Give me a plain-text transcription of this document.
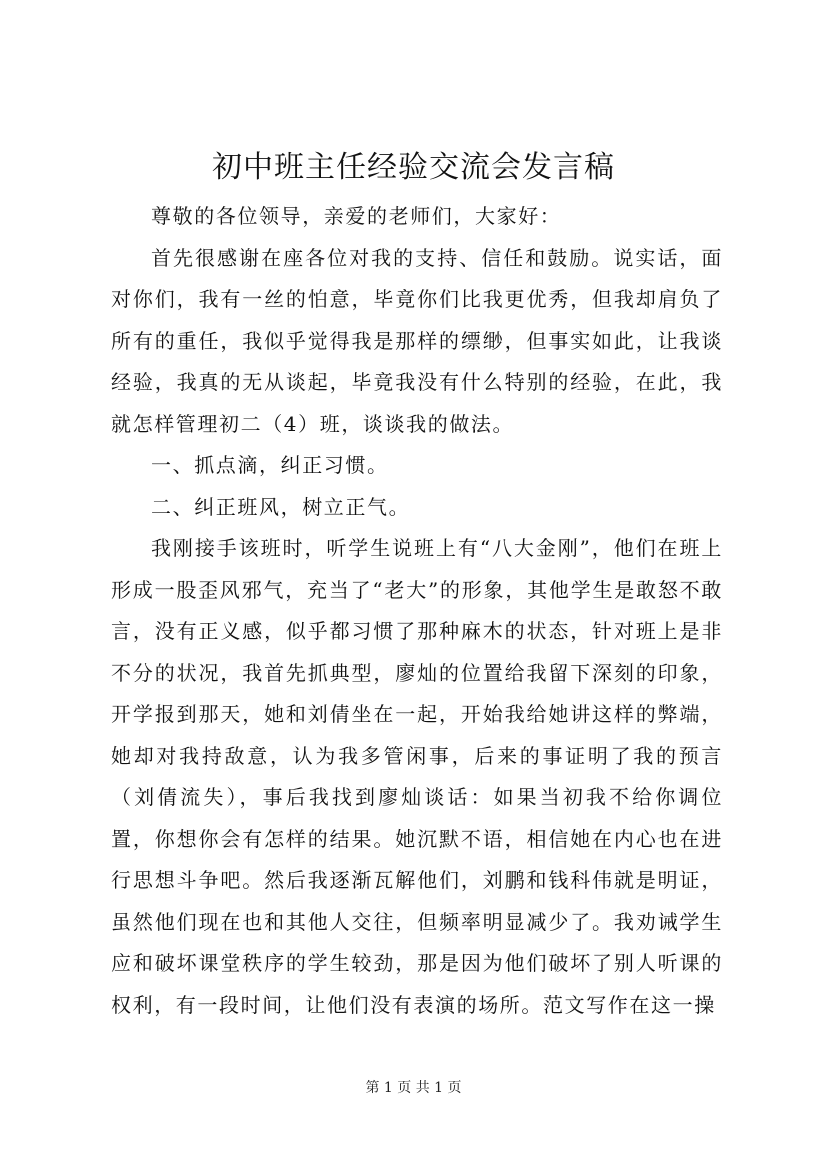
初中班主任经验交流会发言稿

尊敬的各位领导，亲爱的老师们，大家好：

首先很感谢在座各位对我的支持、信任和鼓励。说实话，面对你们，我有一丝的怕意，毕竟你们比我更优秀，但我却肩负了所有的重任，我似乎觉得我是那样的缥缈，但事实如此，让我谈经验，我真的无从谈起，毕竟我没有什么特别的经验，在此，我就怎样管理初二（4）班，谈谈我的做法。

一、抓点滴，纠正习惯。

二、纠正班风，树立正气。

我刚接手该班时，听学生说班上有“八大金刚”，他们在班上形成一股歪风邪气，充当了“老大”的形象，其他学生是敢怒不敢言，没有正义感，似乎都习惯了那种麻木的状态，针对班上是非不分的状况，我首先抓典型，廖灿的位置给我留下深刻的印象，开学报到那天，她和刘倩坐在一起，开始我给她讲这样的弊端，她却对我持敌意，认为我多管闲事，后来的事证明了我的预言（刘倩流失），事后我找到廖灿谈话：如果当初我不给你调位置，你想你会有怎样的结果。她沉默不语，相信她在内心也在进行思想斗争吧。然后我逐渐瓦解他们，刘鹏和钱科伟就是明证，虽然他们现在也和其他人交往，但频率明显减少了。我劝诫学生应和破坏课堂秩序的学生较劲，那是因为他们破坏了别人听课的权利，有一段时间，让他们没有表演的场所。范文写作在这一操

第 1 页 共 1 页
